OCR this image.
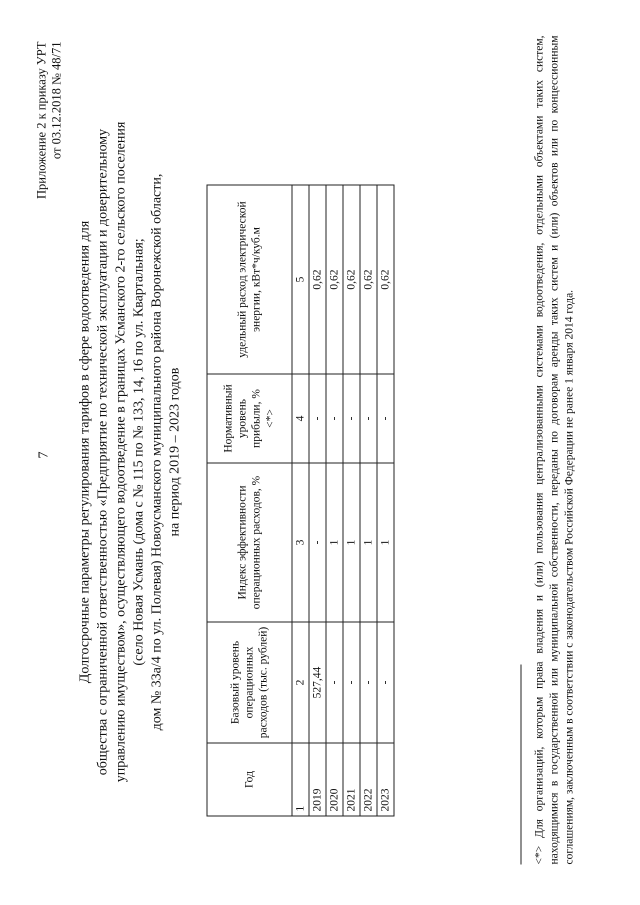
7
Приложение 2 к приказу УРТ от 03.12.2018 № 48/71
Долгосрочные параметры регулирования тарифов в сфере водоотведения для общества с ограниченной ответственностью «Предприятие по технической эксплуатации и доверительному управлению имуществом», осуществляющего водоотведение в границах Усманского 2-го сельского поселения (село Новая Усмань (дома с № 115 по № 133, 14, 16 по ул. Квартальная; дом № 33а/4 по ул. Полевая) Новоусманского муниципального района Воронежской области, на период 2019 – 2023 годов
Год	Базовый уровень операционных расходов (тыс. рублей)	Индекс эффективности операционных расходов, %	Нормативный уровень прибыли, % <*>	удельный расход электрической энергии, кВт*ч/куб.м
1	2	3	4	5
2019	527,44	-	-	0,62
2020	-	1	-	0,62
2021	-	1	-	0,62
2022	-	1	-	0,62
2023	-	1	-	0,62	<*> Для организаций, которым права владения и (или) пользования централизованными системами водоотведения, отдельными объектами таких систем, находящимися в государственной или муниципальной собственности, переданы по договорам аренды таких систем и (или) объектов или по концессионным соглашениям, заключенным в соответствии с законодательством Российской Федерации не ранее 1 января 2014 года.
